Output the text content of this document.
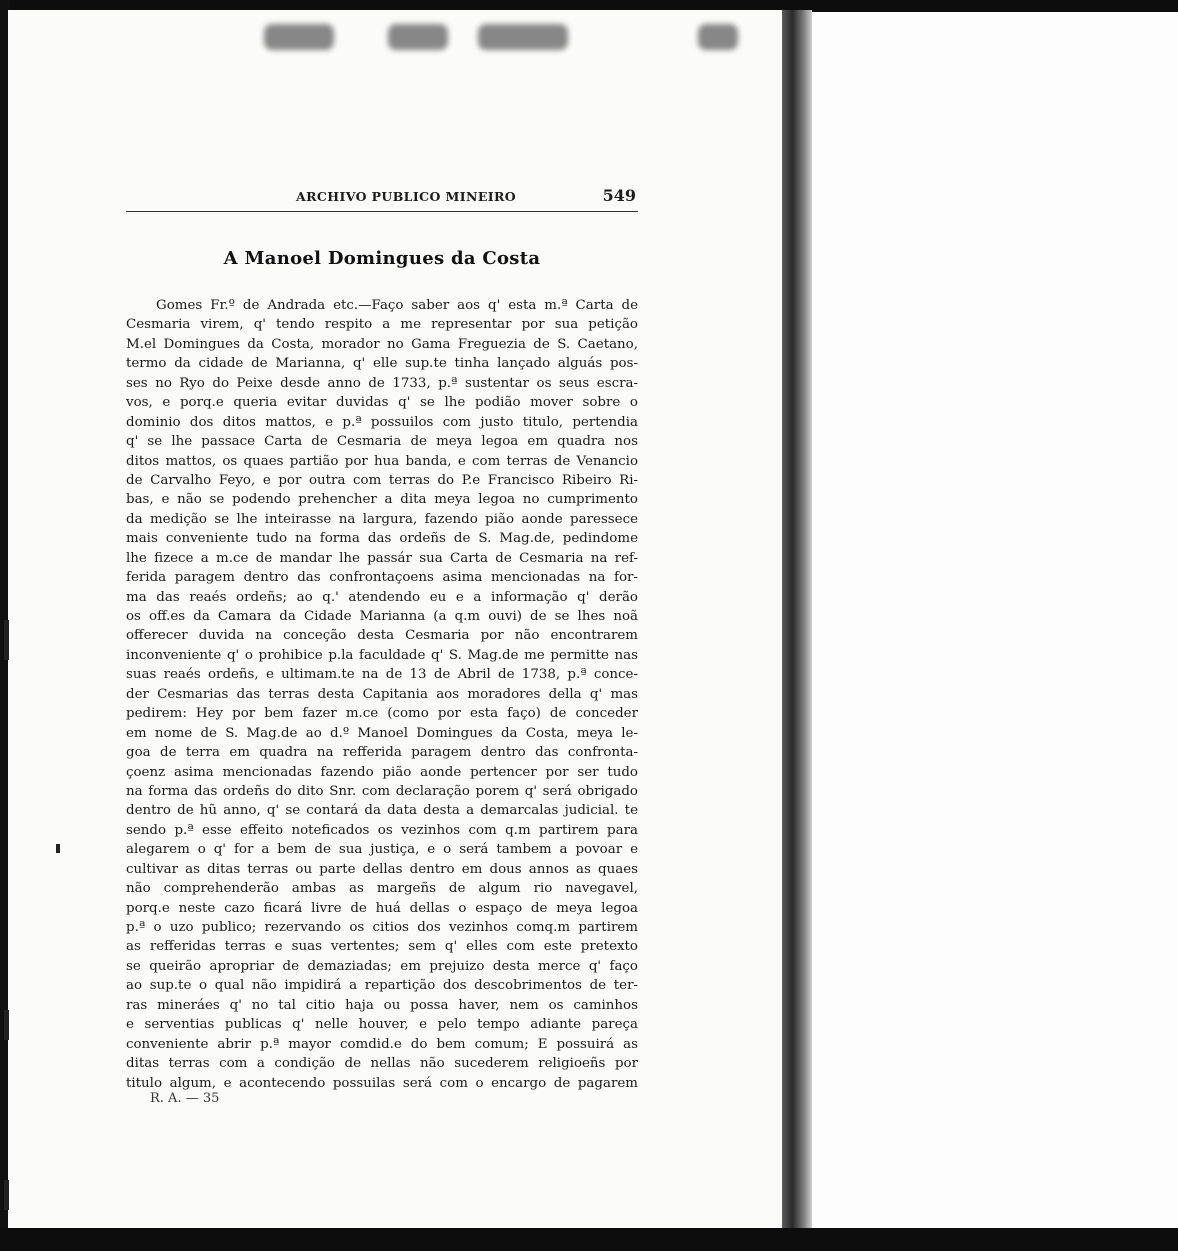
ARCHIVO PUBLICO MINEIRO	549
A Manoel Domingues da Costa
Gomes Fr.º de Andrada etc.—Faço saber aos q' esta m.ª Carta de
Cesmaria virem, q' tendo respito a me representar por sua petição
M.el Domingues da Costa, morador no Gama Freguezia de S. Caetano,
termo da cidade de Marianna, q' elle sup.te tinha lançado alguás pos-
ses no Ryo do Peixe desde anno de 1733, p.ª sustentar os seus escra-
vos, e porq.e queria evitar duvidas q' se lhe podião mover sobre o
dominio dos ditos mattos, e p.ª possuilos com justo titulo, pertendia
q' se lhe passace Carta de Cesmaria de meya legoa em quadra nos
ditos mattos, os quaes partião por hua banda, e com terras de Venancio
de Carvalho Feyo, e por outra com terras do P.e Francisco Ribeiro Ri-
bas, e não se podendo prehencher a dita meya legoa no cumprimento
da medição se lhe inteirasse na largura, fazendo pião aonde paressece
mais conveniente tudo na forma das ordeñs de S. Mag.de, pedindome
lhe fizece a m.ce de mandar lhe passár sua Carta de Cesmaria na ref-
ferida paragem dentro das confrontaçoens asima mencionadas na for-
ma das reaés ordeñs; ao q.' atendendo eu e a informação q' derão
os off.es da Camara da Cidade Marianna (a q.m ouvi) de se lhes noã
offerecer duvida na conceção desta Cesmaria por não encontrarem
inconveniente q' o prohibice p.la faculdade q' S. Mag.de me permitte nas
suas reaés ordeñs, e ultimam.te na de 13 de Abril de 1738, p.ª conce-
der Cesmarias das terras desta Capitania aos moradores della q' mas
pedirem: Hey por bem fazer m.ce (como por esta faço) de conceder
em nome de S. Mag.de ao d.º Manoel Domingues da Costa, meya le-
goa de terra em quadra na refferida paragem dentro das confronta-
çoenz asima mencionadas fazendo pião aonde pertencer por ser tudo
na forma das ordeñs do dito Snr. com declaração porem q' será obrigado
dentro de hũ anno, q' se contará da data desta a demarcalas judicial. te
sendo p.ª esse effeito noteficados os vezinhos com q.m partirem para
alegarem o q' for a bem de sua justiça, e o será tambem a povoar e
cultivar as ditas terras ou parte dellas dentro em dous annos as quaes
não comprehenderão ambas as margeñs de algum rio navegavel,
porq.e neste cazo ficará livre de huá dellas o espaço de meya legoa
p.ª o uzo publico; rezervando os citios dos vezinhos comq.m partirem
as refferidas terras e suas vertentes; sem q' elles com este pretexto
se queirão apropriar de demaziadas; em prejuizo desta merce q' faço
ao sup.te o qual não impidirá a repartição dos descobrimentos de ter-
ras mineráes q' no tal citio haja ou possa haver, nem os caminhos
e serventias publicas q' nelle houver, e pelo tempo adiante pareça
conveniente abrir p.ª mayor comdid.e do bem comum; E possuirá as
ditas terras com a condição de nellas não sucederem religioeñs por
titulo algum, e acontecendo possuilas será com o encargo de pagarem
R. A. — 35
